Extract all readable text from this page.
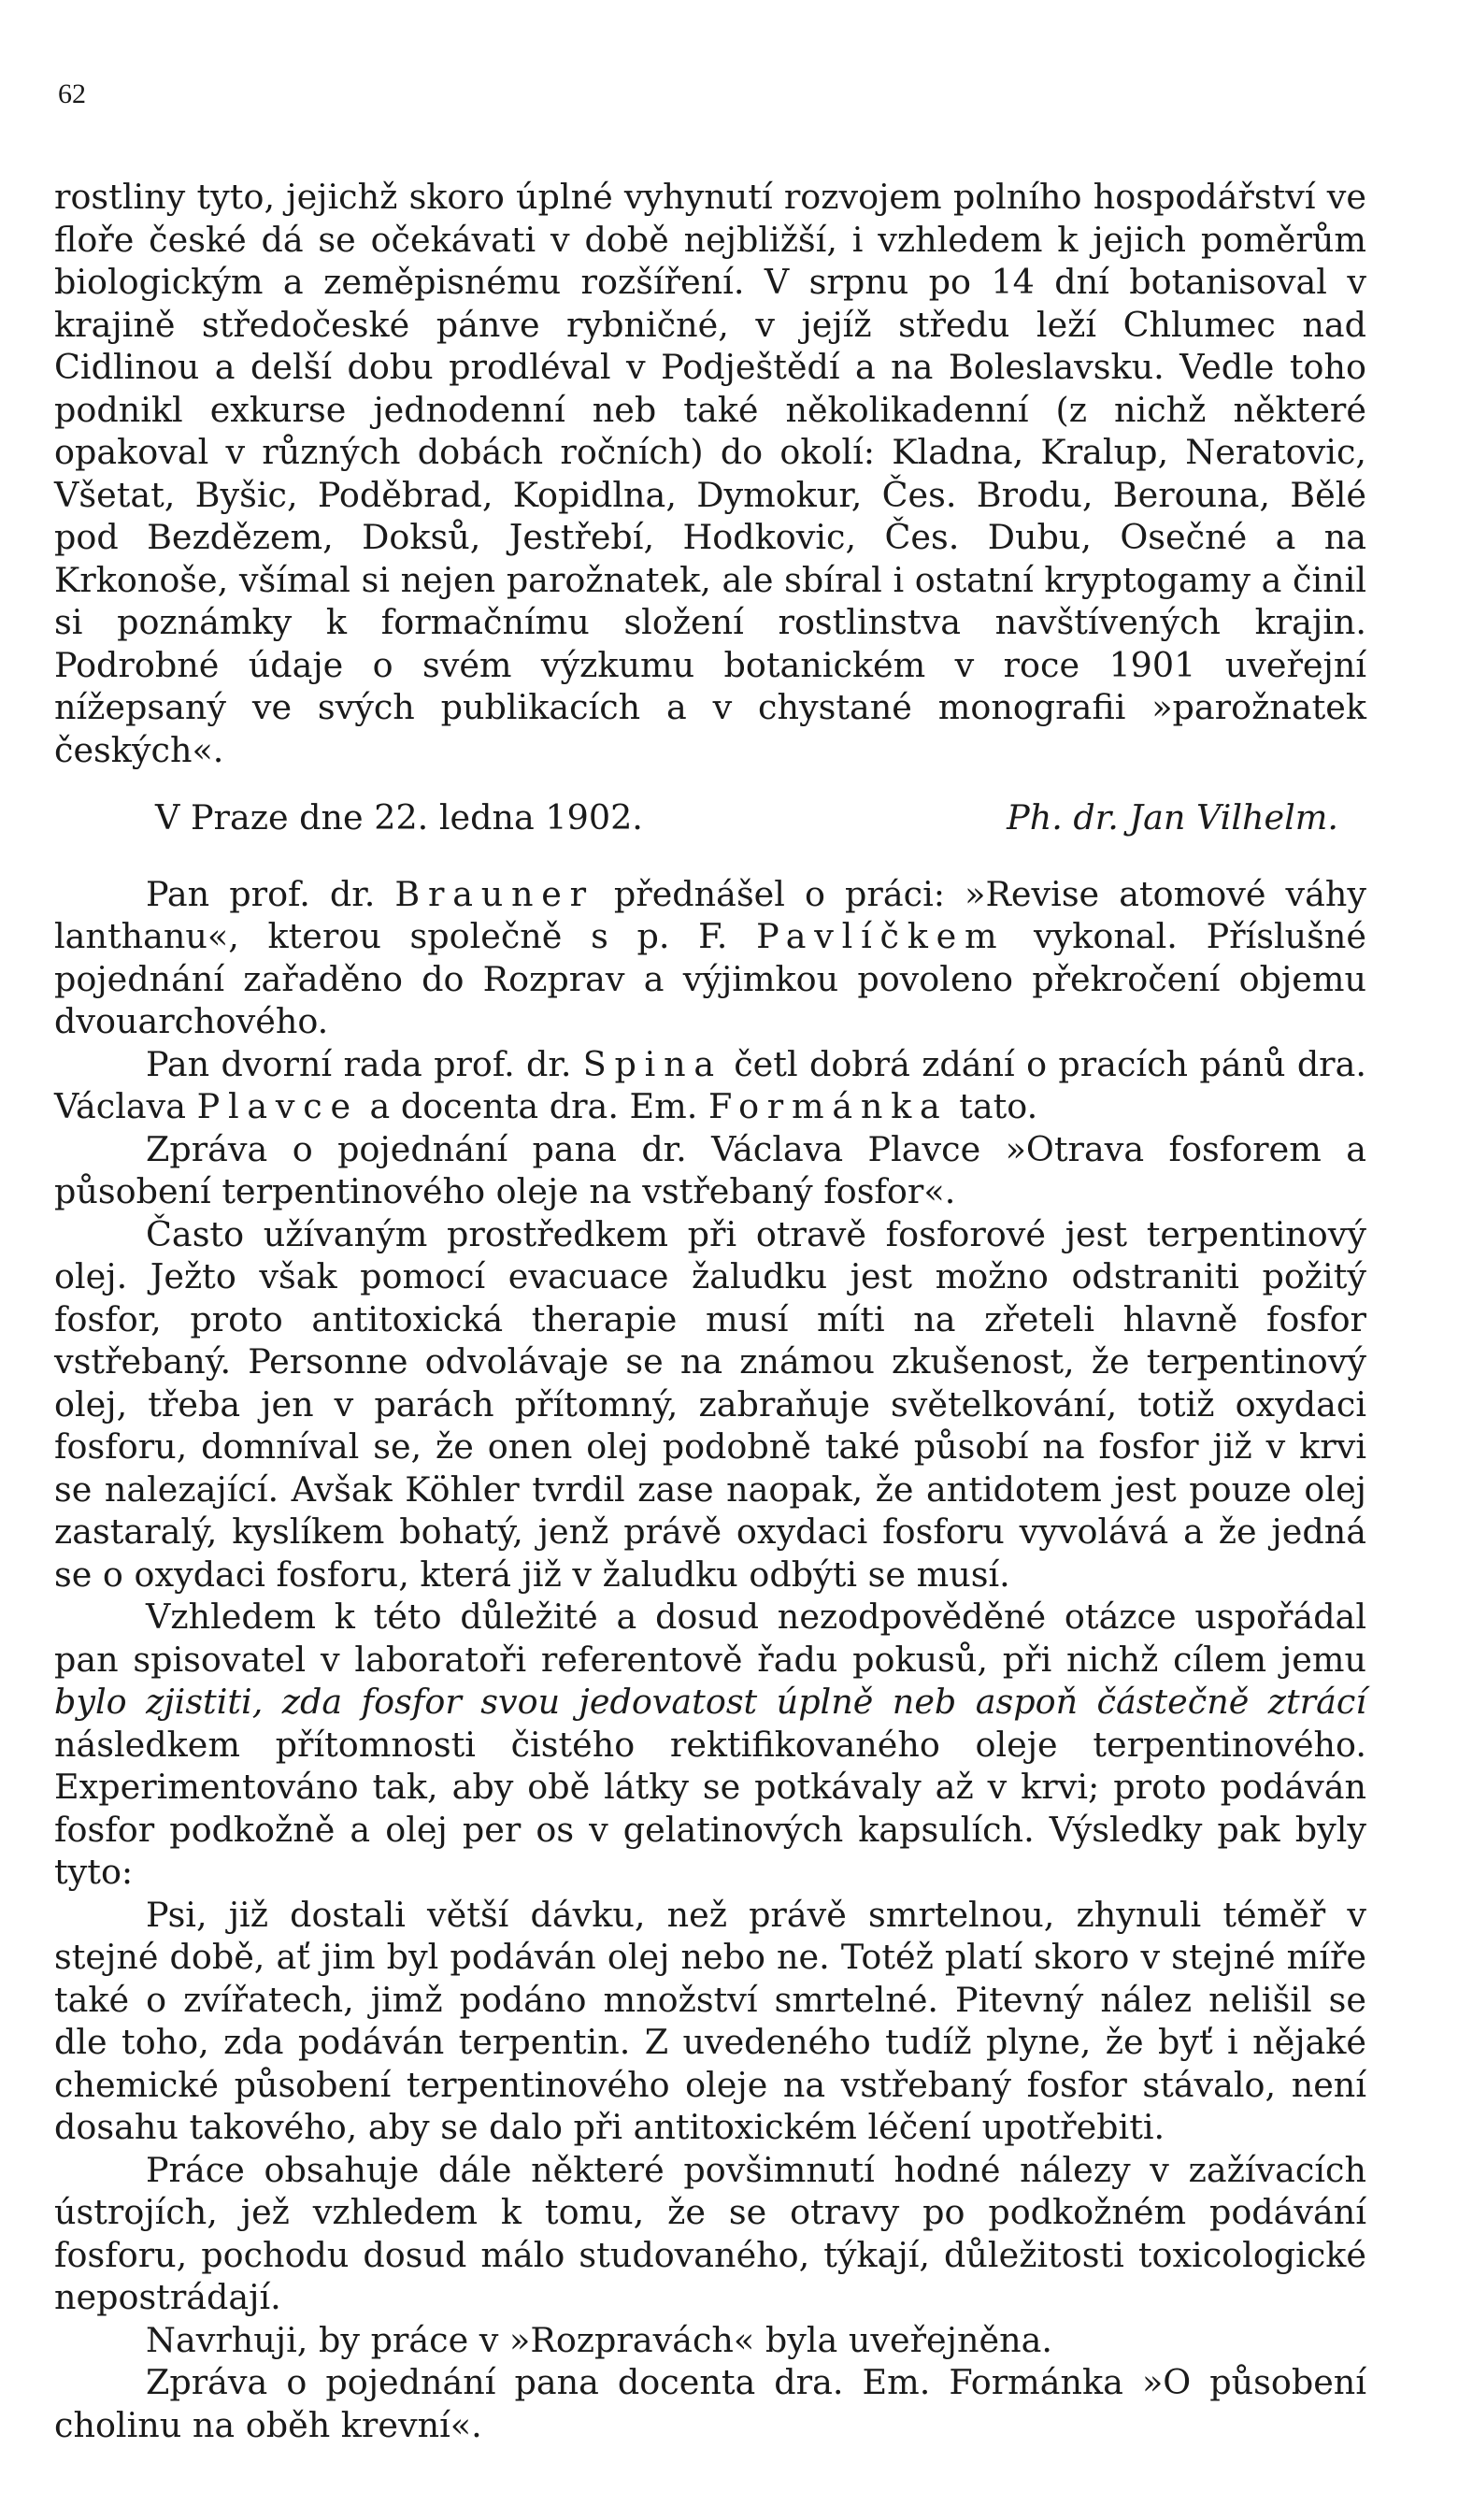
62

rostliny tyto, jejichž skoro úplné vyhynutí rozvojem polního hospodářství ve floře české dá se očekávati v době nejbližší, i vzhledem k jejich poměrům biologickým a zeměpisnému rozšíření. V srpnu po 14 dní botanisoval v krajině středočeské pánve rybničné, v jejíž středu leží Chlumec nad Cidlinou a delší dobu prodléval v Podještědí a na Boleslavsku. Vedle toho podnikl exkurse jednodenní neb také několikadenní (z nichž některé opakoval v různých dobách ročních) do okolí: Kladna, Kralup, Neratovic, Všetat, Byšic, Poděbrad, Kopidlna, Dymokur, Čes. Brodu, Berouna, Bělé pod Bezdězem, Doksů, Jestřebí, Hodkovic, Čes. Dubu, Osečné a na Krkonoše, všímal si nejen parožnatek, ale sbíral i ostatní kryptogamy a činil si poznámky k formačnímu složení rostlinstva navštívených krajin. Podrobné údaje o svém výzkumu botanickém v roce 1901 uveřejní nížepsaný ve svých publikacích a v chystané monografii »parožnatek českých«.

V Praze dne 22. ledna 1902.	Ph. dr. Jan Vilhelm.

Pan prof. dr. Brauner přednášel o práci: »Revise atomové váhy lanthanu«, kterou společně s p. F. Pavlíčkem vykonal. Příslušné pojednání zařaděno do Rozprav a výjimkou povoleno překročení objemu dvouarchového.

Pan dvorní rada prof. dr. Spina četl dobrá zdání o pracích pánů dra. Václava Plavce a docenta dra. Em. Formánka tato.

Zpráva o pojednání pana dr. Václava Plavce »Otrava fosforem a působení terpentinového oleje na vstřebaný fosfor«.

Často užívaným prostředkem při otravě fosforové jest terpentinový olej. Ježto však pomocí evacuace žaludku jest možno odstraniti požitý fosfor, proto antitoxická therapie musí míti na zřeteli hlavně fosfor vstřebaný. Personne odvolávaje se na známou zkušenost, že terpentinový olej, třeba jen v parách přítomný, zabraňuje světelkování, totiž oxydaci fosforu, domníval se, že onen olej podobně také působí na fosfor již v krvi se nalezající. Avšak Köhler tvrdil zase naopak, že antidotem jest pouze olej zastaralý, kyslíkem bohatý, jenž právě oxydaci fosforu vyvolává a že jedná se o oxydaci fosforu, která již v žaludku odbýti se musí.

Vzhledem k této důležité a dosud nezodpověděné otázce uspořádal pan spisovatel v laboratoři referentově řadu pokusů, při nichž cílem jemu bylo zjistiti, zda fosfor svou jedovatost úplně neb aspoň částečně ztrácí následkem přítomnosti čistého rektifikovaného oleje terpentinového. Experimentováno tak, aby obě látky se potkávaly až v krvi; proto podáván fosfor podkožně a olej per os v gelatinových kapsulích. Výsledky pak byly tyto:

Psi, již dostali větší dávku, než právě smrtelnou, zhynuli téměř v stejné době, ať jim byl podáván olej nebo ne. Totéž platí skoro v stejné míře také o zvířatech, jimž podáno množství smrtelné. Pitevný nález nelišil se dle toho, zda podáván terpentin. Z uvedeného tudíž plyne, že byť i nějaké chemické působení terpentinového oleje na vstřebaný fosfor stávalo, není dosahu takového, aby se dalo při antitoxickém léčení upotřebiti.

Práce obsahuje dále některé povšimnutí hodné nálezy v zažívacích ústrojích, jež vzhledem k tomu, že se otravy po podkožném podávání fosforu, pochodu dosud málo studovaného, týkají, důležitosti toxicologické nepostrádají.

Navrhuji, by práce v »Rozpravách« byla uveřejněna.

Zpráva o pojednání pana docenta dra. Em. Formánka »O působení cholinu na oběh krevní«.
